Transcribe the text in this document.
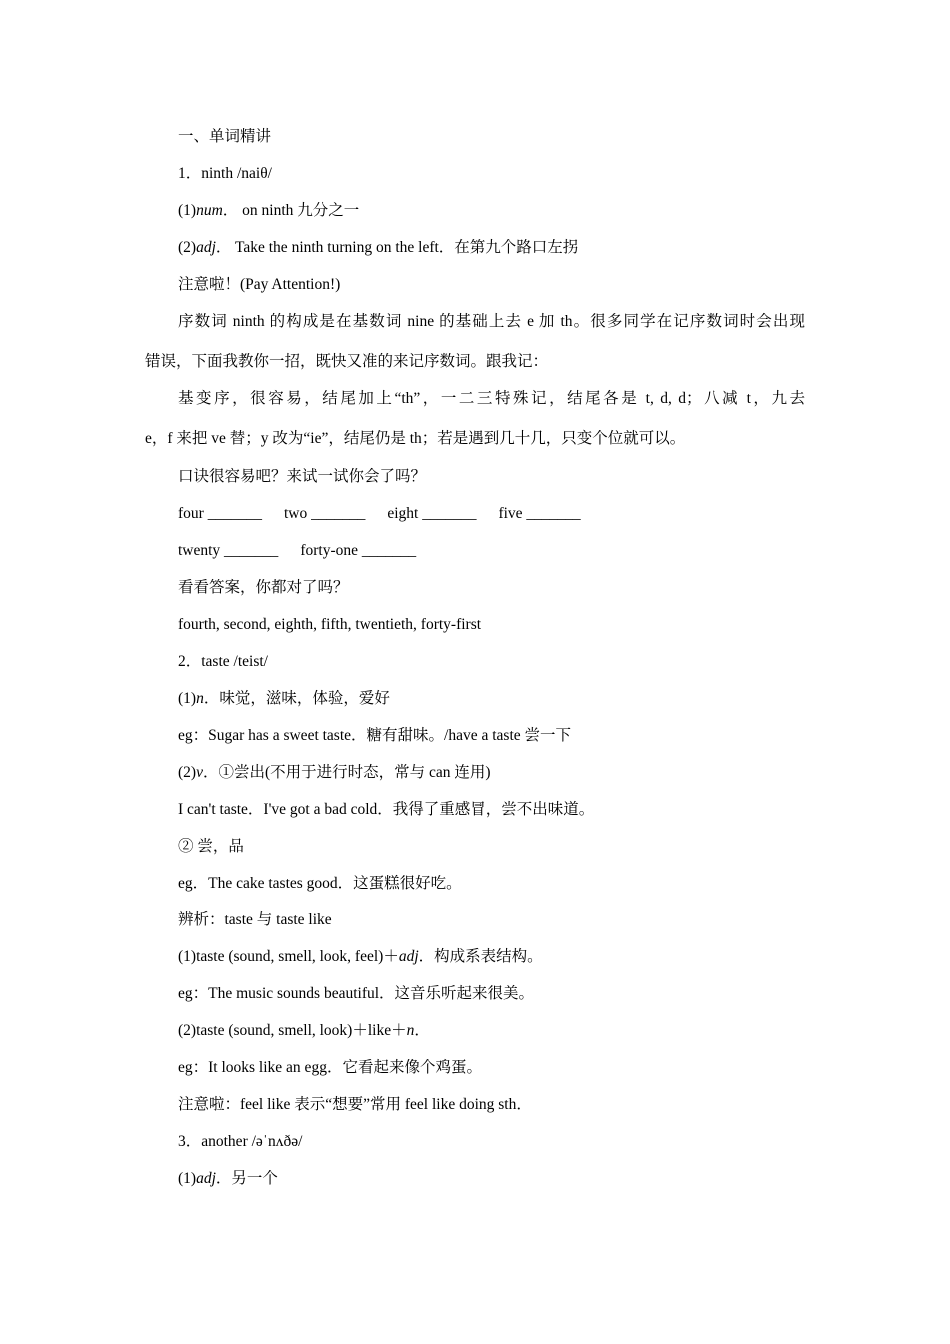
一、单词精讲
1．ninth /naiθ/
(1)num． on ninth 九分之一
(2)adj． Take the ninth turning on the left．在第九个路口左拐
注意啦！(Pay Attention!)
序数词 ninth 的构成是在基数词 nine 的基础上去 e 加 th。很多同学在记序数词时会出现
错误，下面我教你一招，既快又准的来记序数词。跟我记：
基变序，很容易，结尾加上“th”，一二三特殊记，结尾各是 t, d, d；八减 t，九去
e，f 来把 ve 替；y 改为“ie”，结尾仍是 th；若是遇到几十几，只变个位就可以。
口诀很容易吧？来试一试你会了吗？
four _______ two _______ eight _______ five _______
twenty _______ forty-one _______
看看答案，你都对了吗？
fourth, second, eighth, fifth, twentieth, forty-first
2．taste /teist/
(1)n．味觉，滋味，体验，爱好
eg：Sugar has a sweet taste．糖有甜味。/have a taste 尝一下
(2)v．①尝出(不用于进行时态，常与 can 连用)
I can't taste．I've got a bad cold．我得了重感冒，尝不出味道。
② 尝，品
eg．The cake tastes good．这蛋糕很好吃。
辨析：taste 与 taste like
(1)taste (sound, smell, look, feel)＋adj．构成系表结构。
eg：The music sounds beautiful．这音乐听起来很美。
(2)taste (sound, smell, look)＋like＋n．
eg：It looks like an egg．它看起来像个鸡蛋。
注意啦：feel like 表示“想要”常用 feel like doing sth．
3．another /əˈnʌðə/
(1)adj．另一个
